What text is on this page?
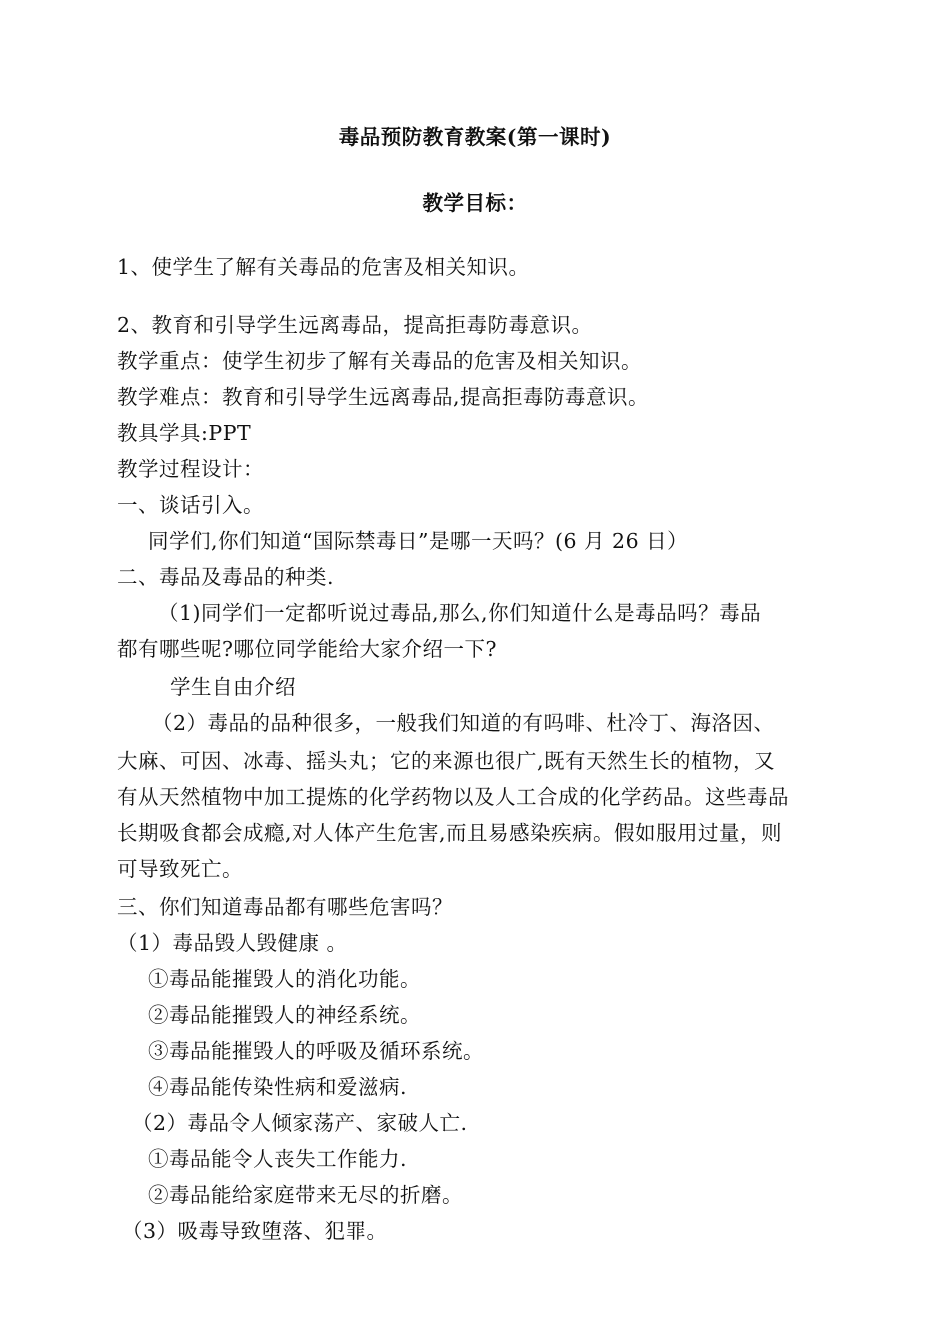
毒品预防教育教案(第一课时)
教学目标：
1、使学生了解有关毒品的危害及相关知识。
2、教育和引导学生远离毒品，提高拒毒防毒意识。
教学重点：使学生初步了解有关毒品的危害及相关知识。
教学难点：教育和引导学生远离毒品,提高拒毒防毒意识。
教具学具:PPT
教学过程设计：
一、谈话引入。
同学们,你们知道“国际禁毒日”是哪一天吗？(6 月 26 日）
二、毒品及毒品的种类.
（1)同学们一定都听说过毒品,那么,你们知道什么是毒品吗？毒品
都有哪些呢?哪位同学能给大家介绍一下?
学生自由介绍
（2）毒品的品种很多，一般我们知道的有吗啡、杜冷丁、海洛因、
大麻、可因、冰毒、摇头丸；它的来源也很广,既有天然生长的植物，又
有从天然植物中加工提炼的化学药物以及人工合成的化学药品。这些毒品
长期吸食都会成瘾,对人体产生危害,而且易感染疾病。假如服用过量，则
可导致死亡。
三、你们知道毒品都有哪些危害吗？
（1）毒品毁人毁健康 。
①毒品能摧毁人的消化功能。
②毒品能摧毁人的神经系统。
③毒品能摧毁人的呼吸及循环系统。
④毒品能传染性病和爱滋病.
（2）毒品令人倾家荡产、家破人亡.
①毒品能令人丧失工作能力.
②毒品能给家庭带来无尽的折磨。
（3）吸毒导致堕落、犯罪。
